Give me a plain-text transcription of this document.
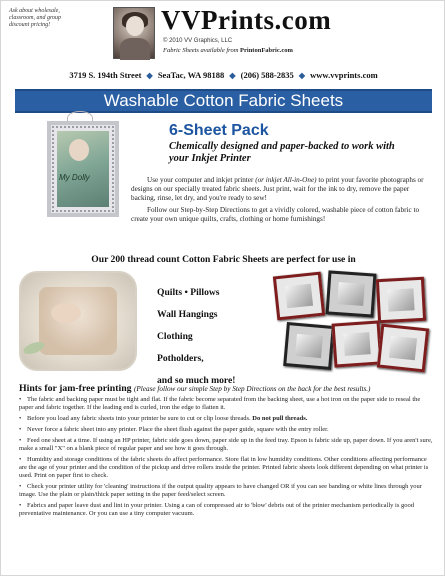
Ask about wholesale,
classroom, and group
discount pricing!	VVPrints.com
© 2010 VV Graphics, LLC
Fabric Sheets available from PrintonFabric.com
3719 S. 194th Street ◆ SeaTac, WA 98188 ◆ (206) 588-2835 ◆ www.vvprints.com
Washable Cotton Fabric Sheets
My Dolly
6-Sheet Pack
Chemically designed and paper-backed to work with your Inkjet Printer

Use your computer and inkjet printer (or inkjet All-in-One) to print your favorite photographs or designs on our specially treated fabric sheets. Just print, wait for the ink to dry, remove the paper backing, rinse, let dry, and you're ready to sew!

Follow our Step-by-Step Directions to get a vividly colored, washable piece of cotton fabric to create your own unique quilts, crafts, clothing or home furnishings!

Our 200 thread count Cotton Fabric Sheets are perfect for use in
Quilts • Pillows
Wall Hangings
Clothing
Potholders,
and so much more!
Hints for jam-free printing (Please follow our simple Step by Step Directions on the back for the best results.)
• The fabric and backing paper must be tight and flat. If the fabric become separated from the backing sheet, use a hot iron on the paper side to reseal the paper and fabric together. If the leading end is curled, iron the edge to flatten it.
• Before you load any fabric sheets into your printer be sure to cut or clip loose threads. Do not pull threads.
• Never force a fabric sheet into any printer. Place the sheet flush against the paper guide, square with the entry roller.
• Feed one sheet at a time. If using an HP printer, fabric side goes down, paper side up in the feed tray. Epson is fabric side up, paper down. If you aren't sure, make a small "X" on a blank piece of regular paper and see how it goes through.
• Humidity and storage conditions of the fabric sheets do affect performance. Store flat in low humidity conditions. Other conditions affecting performance are the age of your printer and the condition of the pickup and drive rollers inside the printer. Printed fabric sheets look different depending on what printer is used. Print on paper first to check.
• Check your printer utility for 'cleaning' instructions if the output quality appears to have changed OR if you can see banding or white lines through your image. Use the plain or plain/thick paper setting in the paper feed/select screen.
• Fabrics and paper leave dust and lint in your printer. Using a can of compressed air to 'blow' debris out of the printer mechanism periodically is good preventative maintenance. Or you can use a tiny computer vacuum.
